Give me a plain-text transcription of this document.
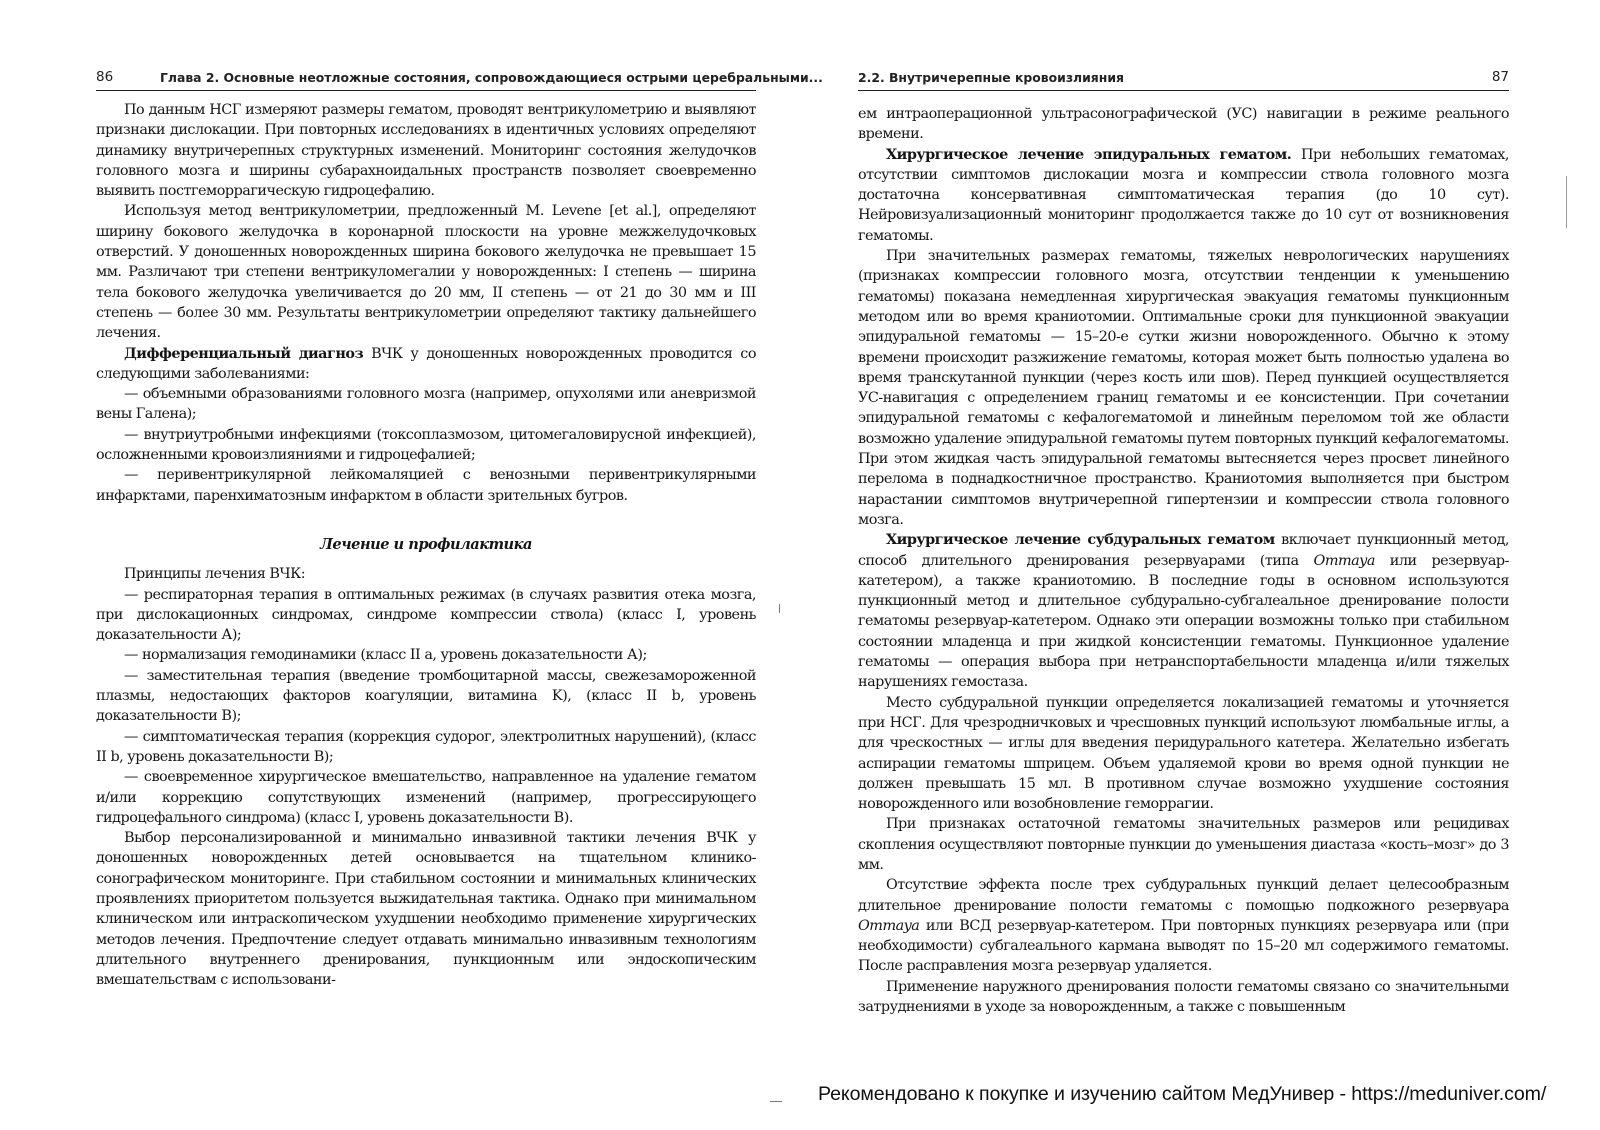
86	Глава 2. Основные неотложные состояния, сопровождающиеся острыми церебральными...

По данным НСГ измеряют размеры гематом, проводят вентрикулометрию и выявляют признаки дислокации. При повторных исследованиях в идентичных условиях определяют динамику внутричерепных структурных изменений. Мониторинг состояния желудочков головного мозга и ширины субарахноидальных пространств позволяет своевременно выявить постгеморрагическую гидроцефалию.

Используя метод вентрикулометрии, предложенный M. Levene [et al.], определяют ширину бокового желудочка в коронарной плоскости на уровне межжелудочковых отверстий. У доношенных новорожденных ширина бокового желудочка не превышает 15 мм. Различают три степени вентрикуломегалии у новорожденных: I степень — ширина тела бокового желудочка увеличивается до 20 мм, II степень — от 21 до 30 мм и III степень — более 30 мм. Результаты вентрикулометрии определяют тактику дальнейшего лечения.

Дифференциальный диагноз ВЧК у доношенных новорожденных проводится со следующими заболеваниями:

— объемными образованиями головного мозга (например, опухолями или аневризмой вены Галена);

— внутриутробными инфекциями (токсоплазмозом, цитомегаловирусной инфекцией), осложненными кровоизлияниями и гидроцефалией;

— перивентрикулярной лейкомаляцией с венозными перивентрикулярными инфарктами, паренхиматозным инфарктом в области зрительных бугров.

Лечение и профилактика

Принципы лечения ВЧК:

— респираторная терапия в оптимальных режимах (в случаях развития отека мозга, при дислокационных синдромах, синдроме компрессии ствола) (класс I, уровень доказательности А);

— нормализация гемодинамики (класс II a, уровень доказательности А);

— заместительная терапия (введение тромбоцитарной массы, свежезамороженной плазмы, недостающих факторов коагуляции, витамина K), (класс II b, уровень доказательности В);

— симптоматическая терапия (коррекция судорог, электролитных нарушений), (класс II b, уровень доказательности В);

— своевременное хирургическое вмешательство, направленное на удаление гематом и/или коррекцию сопутствующих изменений (например, прогрессирующего гидроцефального синдрома) (класс I, уровень доказательности В).

Выбор персонализированной и минимально инвазивной тактики лечения ВЧК у доношенных новорожденных детей основывается на тщательном клинико-сонографическом мониторинге. При стабильном состоянии и минимальных клинических проявлениях приоритетом пользуется выжидательная тактика. Однако при минимальном клиническом или интраскопическом ухудшении необходимо применение хирургических методов лечения. Предпочтение следует отдавать минимально инвазивным технологиям длительного внутреннего дренирования, пункционным или эндоскопическим вмешательствам с использовани-

2.2. Внутричерепные кровоизлияния	87

ем интраоперационной ультрасонографической (УС) навигации в режиме реального времени.

Хирургическое лечение эпидуральных гематом. При небольших гематомах, отсутствии симптомов дислокации мозга и компрессии ствола головного мозга достаточна консервативная симптоматическая терапия (до 10 сут). Нейровизуализационный мониторинг продолжается также до 10 сут от возникновения гематомы.

При значительных размерах гематомы, тяжелых неврологических нарушениях (признаках компрессии головного мозга, отсутствии тенденции к уменьшению гематомы) показана немедленная хирургическая эвакуация гематомы пункционным методом или во время краниотомии. Оптимальные сроки для пункционной эвакуации эпидуральной гематомы — 15–20-е сутки жизни новорожденного. Обычно к этому времени происходит разжижение гематомы, которая может быть полностью удалена во время транскутанной пункции (через кость или шов). Перед пункцией осуществляется УС-навигация с определением границ гематомы и ее консистенции. При сочетании эпидуральной гематомы с кефалогематомой и линейным переломом той же области возможно удаление эпидуральной гематомы путем повторных пункций кефалогематомы. При этом жидкая часть эпидуральной гематомы вытесняется через просвет линейного перелома в поднадкостничное пространство. Краниотомия выполняется при быстром нарастании симптомов внутричерепной гипертензии и компрессии ствола головного мозга.

Хирургическое лечение субдуральных гематом включает пункционный метод, способ длительного дренирования резервуарами (типа Ommaya или резервуар-катетером), а также краниотомию. В последние годы в основном используются пункционный метод и длительное субдурально-субгалеальное дренирование полости гематомы резервуар-катетером. Однако эти операции возможны только при стабильном состоянии младенца и при жидкой консистенции гематомы. Пункционное удаление гематомы — операция выбора при нетранспортабельности младенца и/или тяжелых нарушениях гемостаза.

Место субдуральной пункции определяется локализацией гематомы и уточняется при НСГ. Для чрезродничковых и чресшовных пункций используют люмбальные иглы, а для чрескостных — иглы для введения перидурального катетера. Желательно избегать аспирации гематомы шприцем. Объем удаляемой крови во время одной пункции не должен превышать 15 мл. В противном случае возможно ухудшение состояния новорожденного или возобновление геморрагии.

При признаках остаточной гематомы значительных размеров или рецидивах скопления осуществляют повторные пункции до уменьшения диастаза «кость–мозг» до 3 мм.

Отсутствие эффекта после трех субдуральных пункций делает целесообразным длительное дренирование полости гематомы с помощью подкожного резервуара Ommaya или ВСД резервуар-катетером. При повторных пункциях резервуара или (при необходимости) субгалеального кармана выводят по 15–20 мл содержимого гематомы. После расправления мозга резервуар удаляется.

Применение наружного дренирования полости гематомы связано со значительными затруднениями в уходе за новорожденным, а также с повышенным

Рекомендовано к покупке и изучению сайтом МедУнивер - https://meduniver.com/
